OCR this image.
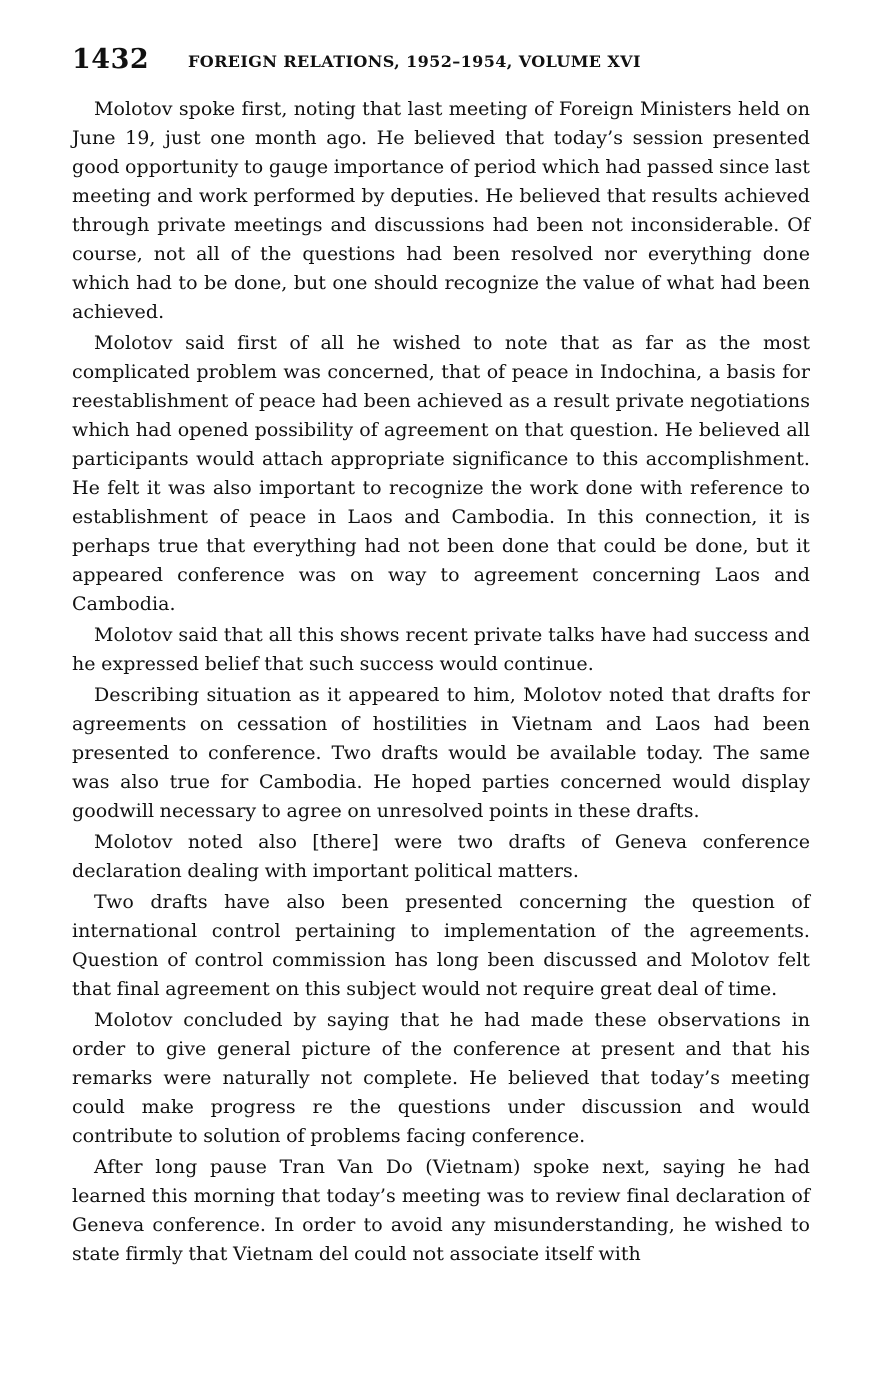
1432 FOREIGN RELATIONS, 1952–1954, VOLUME XVI

Molotov spoke first, noting that last meeting of Foreign Ministers held on June 19, just one month ago. He believed that today’s session presented good opportunity to gauge importance of period which had passed since last meeting and work performed by deputies. He believed that results achieved through private meetings and discussions had been not inconsiderable. Of course, not all of the questions had been resolved nor everything done which had to be done, but one should recognize the value of what had been achieved.

Molotov said first of all he wished to note that as far as the most complicated problem was concerned, that of peace in Indochina, a basis for reestablishment of peace had been achieved as a result private negotiations which had opened possibility of agreement on that question. He believed all participants would attach appropriate significance to this accomplishment. He felt it was also important to recognize the work done with reference to establishment of peace in Laos and Cambodia. In this connection, it is perhaps true that everything had not been done that could be done, but it appeared conference was on way to agreement concerning Laos and Cambodia.

Molotov said that all this shows recent private talks have had success and he expressed belief that such success would continue.

Describing situation as it appeared to him, Molotov noted that drafts for agreements on cessation of hostilities in Vietnam and Laos had been presented to conference. Two drafts would be available today. The same was also true for Cambodia. He hoped parties concerned would display goodwill necessary to agree on unresolved points in these drafts.

Molotov noted also [there] were two drafts of Geneva conference declaration dealing with important political matters.

Two drafts have also been presented concerning the question of international control pertaining to implementation of the agreements. Question of control commission has long been discussed and Molotov felt that final agreement on this subject would not require great deal of time.

Molotov concluded by saying that he had made these observations in order to give general picture of the conference at present and that his remarks were naturally not complete. He believed that today’s meeting could make progress re the questions under discussion and would contribute to solution of problems facing conference.

After long pause Tran Van Do (Vietnam) spoke next, saying he had learned this morning that today’s meeting was to review final declaration of Geneva conference. In order to avoid any misunderstanding, he wished to state firmly that Vietnam del could not associate itself with
